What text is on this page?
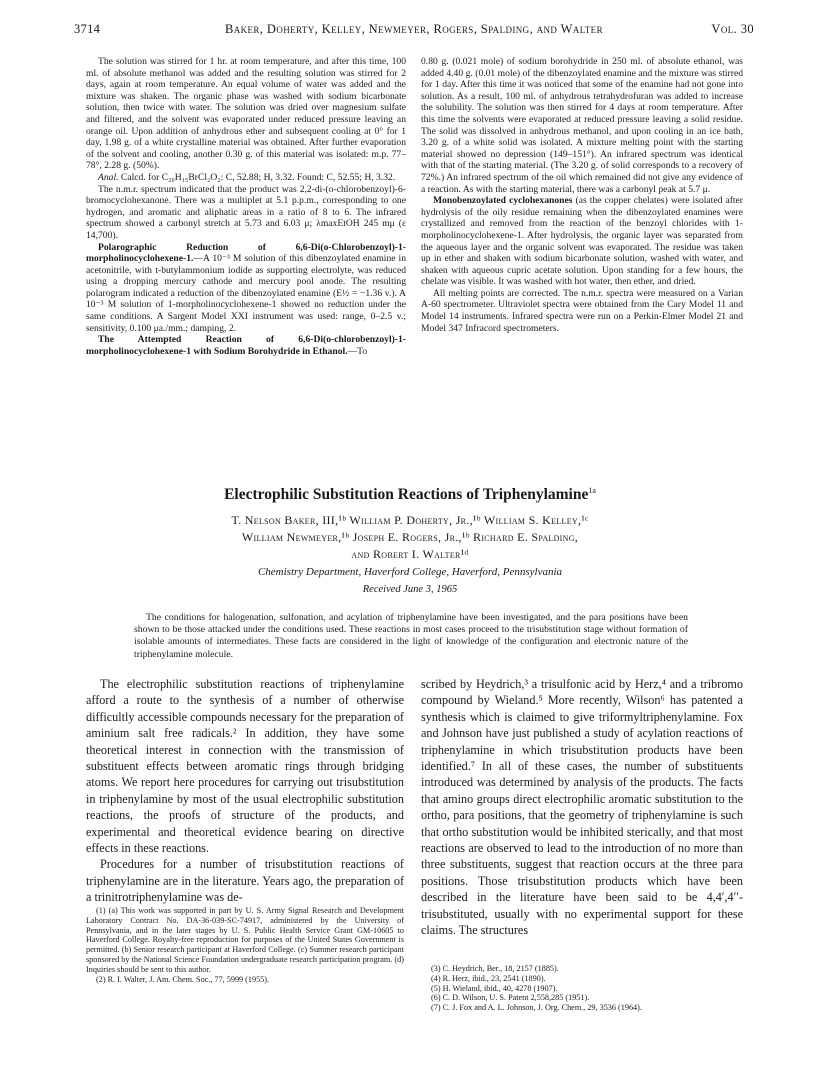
3714	Baker, Doherty, Kelley, Newmeyer, Rogers, Spalding, and Walter	Vol. 30

The solution was stirred for 1 hr. at room temperature, and after this time, 100 ml. of absolute methanol was added and the resulting solution was stirred for 2 days, again at room temperature. An equal volume of water was added and the mixture was shaken. The organic phase was washed with sodium bicarbonate solution, then twice with water. The solution was dried over magnesium sulfate and filtered, and the solvent was evaporated under reduced pressure leaving an orange oil. Upon addition of anhydrous ether and subsequent cooling at 0° for 1 day, 1.98 g. of a white crystalline material was obtained. After further evaporation of the solvent and cooling, another 0.30 g. of this material was isolated: m.p. 77–78°, 2.28 g. (50%).

Anal. Calcd. for C₂₀H₁₅BrCl₂O₂: C, 52.88; H, 3.32. Found: C, 52.55; H, 3.32.

The n.m.r. spectrum indicated that the product was 2,2-di-(o-chlorobenzoyl)-6-bromocyclohexanone. There was a multiplet at 5.1 p.p.m., corresponding to one hydrogen, and aromatic and aliphatic areas in a ratio of 8 to 6. The infrared spectrum showed a carbonyl stretch at 5.73 and 6.03 μ; λmaxEtOH 245 mμ (ε 14,700).

Polarographic Reduction of 6,6-Di(o-Chlorobenzoyl)-1-morpholinocyclohexene-1.—A 10⁻³ M solution of this dibenzoylated enamine in acetonitrile, with t-butylammonium iodide as supporting electrolyte, was reduced using a dropping mercury cathode and mercury pool anode. The resulting polarogram indicated a reduction of the dibenzoylated enamine (E½ = −1.36 v.). A 10⁻³ M solution of 1-morpholinocyclohexene-1 showed no reduction under the same conditions. A Sargent Model XXI instrument was used: range, 0–2.5 v.; sensitivity, 0.100 μa./mm.; damping, 2.

The Attempted Reaction of 6,6-Di(o-chlorobenzoyl)-1-morpholinocyclohexene-1 with Sodium Borohydride in Ethanol.—To

0.80 g. (0.021 mole) of sodium borohydride in 250 ml. of absolute ethanol, was added 4.40 g. (0.01 mole) of the dibenzoylated enamine and the mixture was stirred for 1 day. After this time it was noticed that some of the enamine had not gone into solution. As a result, 100 ml. of anhydrous tetrahydrofuran was added to increase the solubility. The solution was then stirred for 4 days at room temperature. After this time the solvents were evaporated at reduced pressure leaving a solid residue. The solid was dissolved in anhydrous methanol, and upon cooling in an ice bath, 3.20 g. of a white solid was isolated. A mixture melting point with the starting material showed no depression (149–151°). An infrared spectrum was identical with that of the starting material. (The 3.20 g. of solid corresponds to a recovery of 72%.) An infrared spectrum of the oil which remained did not give any evidence of a reaction. As with the starting material, there was a carbonyl peak at 5.7 μ.

Monobenzoylated cyclohexanones (as the copper chelates) were isolated after hydrolysis of the oily residue remaining when the dibenzoylated enamines were crystallized and removed from the reaction of the benzoyl chlorides with 1-morpholinocyclohexene-1. After hydrolysis, the organic layer was separated from the aqueous layer and the organic solvent was evaporated. The residue was taken up in ether and shaken with sodium bicarbonate solution, washed with water, and shaken with aqueous cupric acetate solution. Upon standing for a few hours, the chelate was visible. It was washed with hot water, then ether, and dried.

All melting points are corrected. The n.m.r. spectra were measured on a Varian A-60 spectrometer. Ultraviolet spectra were obtained from the Cary Model 11 and Model 14 instruments. Infrared spectra were run on a Perkin-Elmer Model 21 and Model 347 Infracord spectrometers.

Electrophilic Substitution Reactions of Triphenylamine$^{1a}$
T. Nelson Baker, III,¹ᵇ William P. Doherty, Jr.,¹ᵇ William S. Kelley,¹ᶜ
William Newmeyer,¹ᵇ Joseph E. Rogers, Jr.,¹ᵇ Richard E. Spalding,
and Robert I. Walter¹ᵈ
Chemistry Department, Haverford College, Haverford, Pennsylvania
Received June 3, 1965
The conditions for halogenation, sulfonation, and acylation of triphenylamine have been investigated, and the para positions have been shown to be those attacked under the conditions used. These reactions in most cases proceed to the trisubstitution stage without formation of isolable amounts of intermediates. These facts are considered in the light of knowledge of the configuration and electronic nature of the triphenylamine molecule.

The electrophilic substitution reactions of triphenylamine afford a route to the synthesis of a number of otherwise difficultly accessible compounds necessary for the preparation of aminium salt free radicals.² In addition, they have some theoretical interest in connection with the transmission of substituent effects between aromatic rings through bridging atoms. We report here procedures for carrying out trisubstitution in triphenylamine by most of the usual electrophilic substitution reactions, the proofs of structure of the products, and experimental and theoretical evidence bearing on directive effects in these reactions.

Procedures for a number of trisubstitution reactions of triphenylamine are in the literature. Years ago, the preparation of a trinitrotriphenylamine was de-

scribed by Heydrich,³ a trisulfonic acid by Herz,⁴ and a tribromo compound by Wieland.⁵ More recently, Wilson⁶ has patented a synthesis which is claimed to give triformyltriphenylamine. Fox and Johnson have just published a study of acylation reactions of triphenylamine in which trisubstitution products have been identified.⁷ In all of these cases, the number of substituents introduced was determined by analysis of the products. The facts that amino groups direct electrophilic aromatic substitution to the ortho, para positions, that the geometry of triphenylamine is such that ortho substitution would be inhibited sterically, and that most reactions are observed to lead to the introduction of no more than three substituents, suggest that reaction occurs at the three para positions. Those trisubstitution products which have been described in the literature have been said to be 4,4′,4′′-trisubstituted, usually with no experimental support for these claims. The structures

(1) (a) This work was supported in part by U. S. Army Signal Research and Development Laboratory Contract No. DA-36-039-SC-74917, administered by the University of Pennsylvania, and in the later stages by U. S. Public Health Service Grant GM-10605 to Haverford College. Royalty-free reproduction for purposes of the United States Government is permitted. (b) Senior research participant at Haverford College. (c) Summer research participant sponsored by the National Science Foundation undergraduate research participation program. (d) Inquiries should be sent to this author.
(2) R. I. Walter, J. Am. Chem. Soc., 77, 5999 (1955).
(3) C. Heydrich, Ber., 18, 2157 (1885).
(4) R. Herz, ibid., 23, 2541 (1890).
(5) H. Wieland, ibid., 40, 4278 (1907).
(6) C. D. Wilson, U. S. Patent 2,558,285 (1951).
(7) C. J. Fox and A. L. Johnson, J. Org. Chem., 29, 3536 (1964).
